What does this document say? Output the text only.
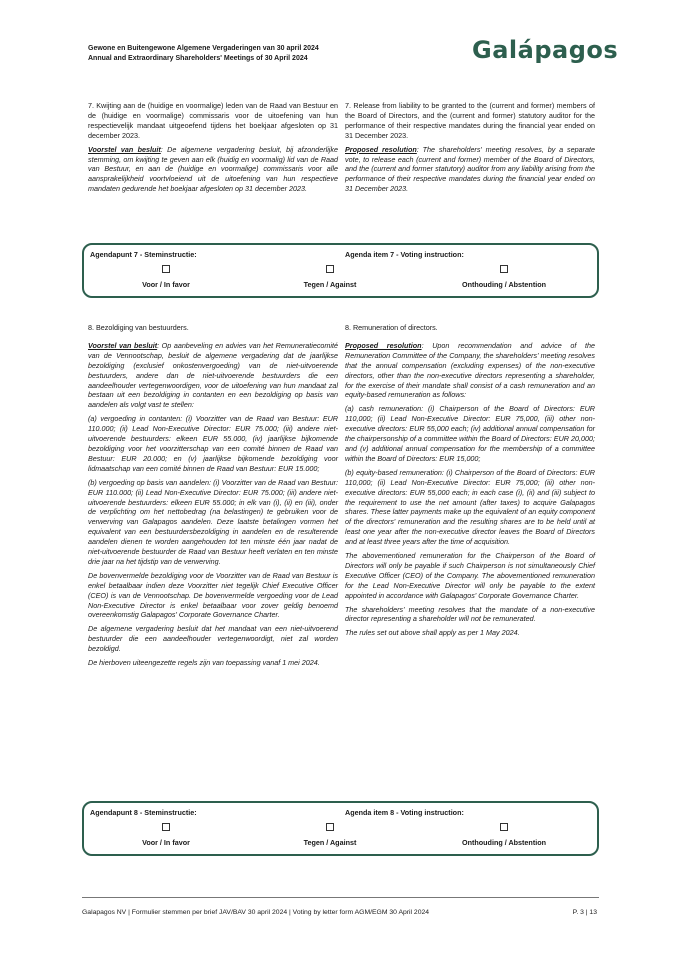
Gewone en Buitengewone Algemene Vergaderingen van 30 april 2024
Annual and Extraordinary Shareholders' Meetings of 30 April 2024	Galápagos

7. Kwijting aan de (huidige en voormalige) leden van de Raad van Bestuur en de (huidige en voormalige) commissaris voor de uitoefening van hun respectievelijk mandaat uitgeoefend tijdens het boekjaar afgesloten op 31 december 2023.

Voorstel van besluit: De algemene vergadering besluit, bij afzonderlijke stemming, om kwijting te geven aan elk (huidig en voormalig) lid van de Raad van Bestuur, en aan de (huidige en voormalige) commissaris voor alle aansprakelijkheid voortvloeiend uit de uitoefening van hun respectieve mandaten gedurende het boekjaar afgesloten op 31 december 2023.

7. Release from liability to be granted to the (current and former) members of the Board of Directors, and the (current and former) statutory auditor for the performance of their respective mandates during the financial year ended on 31 December 2023.

Proposed resolution: The shareholders' meeting resolves, by a separate vote, to release each (current and former) member of the Board of Directors, and the (current and former statutory) auditor from any liability arising from the performance of their respective mandates during the financial year ended on 31 December 2023.

Agendapunt 7 - Steminstructie:	Agenda item 7 - Voting instruction:
Voor / In favor	Tegen / Against	Onthouding / Abstention

8. Bezoldiging van bestuurders.

Voorstel van besluit: Op aanbeveling en advies van het Remuneratiecomité van de Vennootschap, besluit de algemene vergadering dat de jaarlijkse bezoldiging (exclusief onkostenvergoeding) van de niet-uitvoerende bestuurders, andere dan de niet-uitvoerende bestuurders die een aandeelhouder vertegenwoordigen, voor de uitoefening van hun mandaat zal bestaan uit een bezoldiging in contanten en een bezoldiging op basis van aandelen als volgt vast te stellen:

(a) vergoeding in contanten: (i) Voorzitter van de Raad van Bestuur: EUR 110.000; (ii) Lead Non-Executive Director: EUR 75.000; (iii) andere niet-uitvoerende bestuurders: elkeen EUR 55.000, (iv) jaarlijkse bijkomende bezoldiging voor het voorzitterschap van een comité binnen de Raad van Bestuur: EUR 20.000; en (v) jaarlijkse bijkomende bezoldiging voor lidmaatschap van een comité binnen de Raad van Bestuur: EUR 15.000;

(b) vergoeding op basis van aandelen: (i) Voorzitter van de Raad van Bestuur: EUR 110.000; (ii) Lead Non-Executive Director: EUR 75.000; (iii) andere niet-uitvoerende bestuurders: elkeen EUR 55.000; in elk van (i), (ii) en (iii), onder de verplichting om het nettobedrag (na belastingen) te gebruiken voor de verwerving van Galapagos aandelen. Deze laatste betalingen vormen het equivalent van een bestuurdersbezoldiging in aandelen en de resulterende aandelen dienen te worden aangehouden tot ten minste één jaar nadat de niet-uitvoerende bestuurder de Raad van Bestuur heeft verlaten en ten minste drie jaar na het tijdstip van de verwerving.

De bovenvermelde bezoldiging voor de Voorzitter van de Raad van Bestuur is enkel betaalbaar indien deze Voorzitter niet tegelijk Chief Executive Officer (CEO) is van de Vennootschap. De bovenvermelde vergoeding voor de Lead Non-Executive Director is enkel betaalbaar voor zover geldig benoemd overeenkomstig Galapagos' Corporate Governance Charter.

De algemene vergadering besluit dat het mandaat van een niet-uitvoerend bestuurder die een aandeelhouder vertegenwoordigt, niet zal worden bezoldigd.

De hierboven uiteengezette regels zijn van toepassing vanaf 1 mei 2024.

8. Remuneration of directors.

Proposed resolution: Upon recommendation and advice of the Remuneration Committee of the Company, the shareholders' meeting resolves that the annual compensation (excluding expenses) of the non-executive directors, other than the non-executive directors representing a shareholder, for the exercise of their mandate shall consist of a cash remuneration and an equity-based remuneration as follows:

(a) cash remuneration: (i) Chairperson of the Board of Directors: EUR 110,000; (ii) Lead Non-Executive Director: EUR 75,000, (iii) other non-executive directors: EUR 55,000 each; (iv) additional annual compensation for the chairpersonship of a committee within the Board of Directors: EUR 20,000; and (v) additional annual compensation for the membership of a committee within the Board of Directors: EUR 15,000;

(b) equity-based remuneration: (i) Chairperson of the Board of Directors: EUR 110,000; (ii) Lead Non-Executive Director: EUR 75,000; (iii) other non-executive directors: EUR 55,000 each; in each case (i), (ii) and (iii) subject to the requirement to use the net amount (after taxes) to acquire Galapagos shares. These latter payments make up the equivalent of an equity component of the directors' remuneration and the resulting shares are to be held until at least one year after the non-executive director leaves the Board of Directors and at least three years after the time of acquisition.

The abovementioned remuneration for the Chairperson of the Board of Directors will only be payable if such Chairperson is not simultaneously Chief Executive Officer (CEO) of the Company. The abovementioned remuneration for the Lead Non-Executive Director will only be payable to the extent appointed in accordance with Galapagos' Corporate Governance Charter.

The shareholders' meeting resolves that the mandate of a non-executive director representing a shareholder will not be remunerated.

The rules set out above shall apply as per 1 May 2024.

Agendapunt 8 - Steminstructie:	Agenda item 8 - Voting instruction:
Voor / In favor	Tegen / Against	Onthouding / Abstention
Galapagos NV | Formulier stemmen per brief JAV/BAV 30 april 2024 | Voting by letter form AGM/EGM 30 April 2024	P. 3 | 13
